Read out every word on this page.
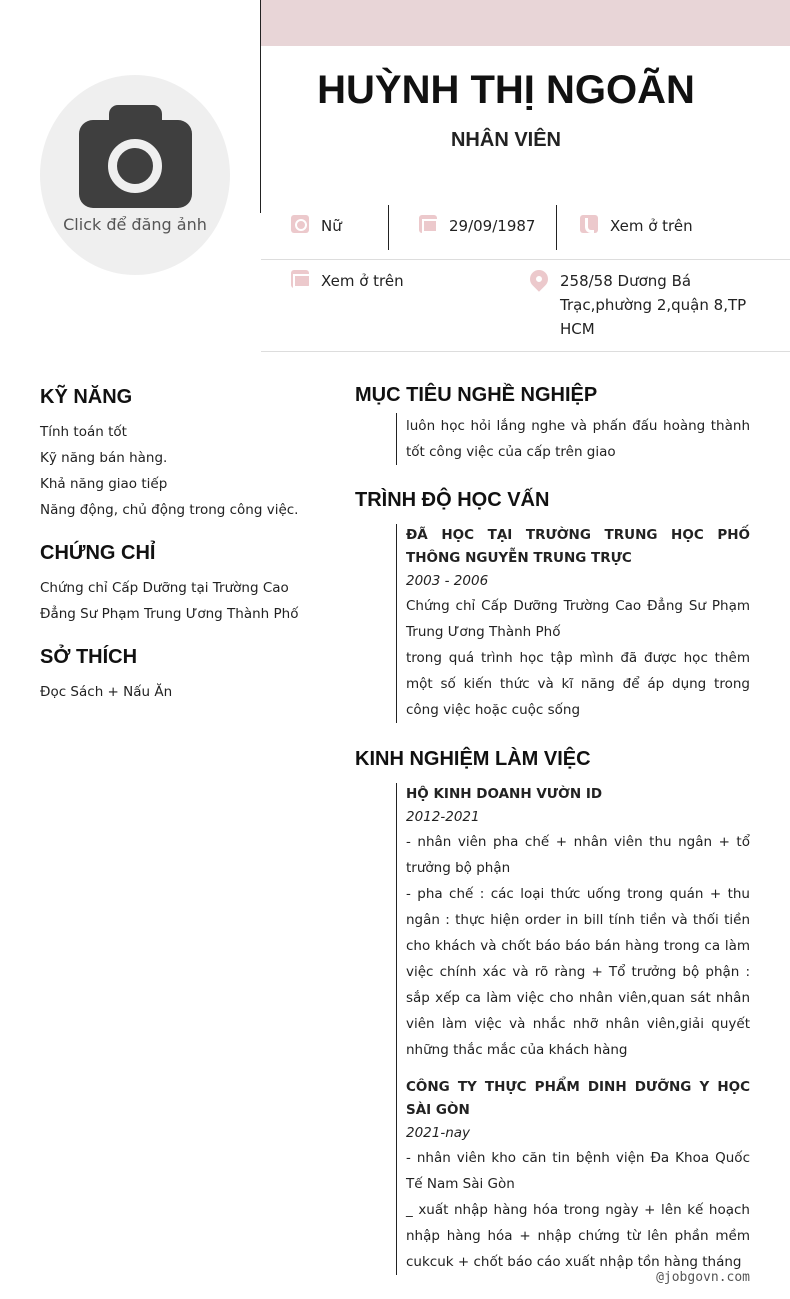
Click để đăng ảnh
HUỲNH THỊ NGOÃN
NHÂN VIÊN
Nữ	29/09/1987	Xem ở trên
Xem ở trên	258/58 Dương Bá Trạc,phường 2,quận 8,TP HCM
KỸ NĂNG
Tính toán tốt
Kỹ năng bán hàng.
Khả năng giao tiếp
Năng động, chủ động trong công việc.
CHỨNG CHỈ
Chứng chỉ Cấp Dưỡng tại Trường Cao Đẳng Sư Phạm Trung Ương Thành Phố
SỞ THÍCH
Đọc Sách + Nấu Ăn
MỤC TIÊU NGHỀ NGHIỆP

luôn học hỏi lắng nghe và phấn đấu hoàng thành tốt công việc của cấp trên giao

TRÌNH ĐỘ HỌC VẤN
ĐÃ HỌC TẠI TRƯỜNG TRUNG HỌC PHỐ THÔNG NGUYỄN TRUNG TRỰC
2003 - 2006

Chứng chỉ Cấp Dưỡng Trường Cao Đẳng Sư Phạm Trung Ương Thành Phố

trong quá trình học tập mình đã được học thêm một số kiến thức và kĩ năng để áp dụng trong công việc hoặc cuộc sống

KINH NGHIỆM LÀM VIỆC
HỘ KINH DOANH VƯỜN ID
2012-2021

- nhân viên pha chế + nhân viên thu ngân + tổ trưởng bộ phận

- pha chế : các loại thức uống trong quán + thu ngân : thực hiện order in bill tính tiền và thối tiền cho khách và chốt báo báo bán hàng trong ca làm việc chính xác và rõ ràng + Tổ trưởng bộ phận : sắp xếp ca làm việc cho nhân viên,quan sát nhân viên làm việc và nhắc nhỡ nhân viên,giải quyết những thắc mắc của khách hàng

CÔNG TY THỰC PHẨM DINH DƯỠNG Y HỌC SÀI GÒN
2021-nay

- nhân viên kho căn tin bệnh viện Đa Khoa Quốc Tế Nam Sài Gòn

_ xuất nhập hàng hóa trong ngày + lên kế hoạch nhập hàng hóa + nhập chứng từ lên phần mềm cukcuk + chốt báo cáo xuất nhập tồn hàng tháng

@jobgovn.com
